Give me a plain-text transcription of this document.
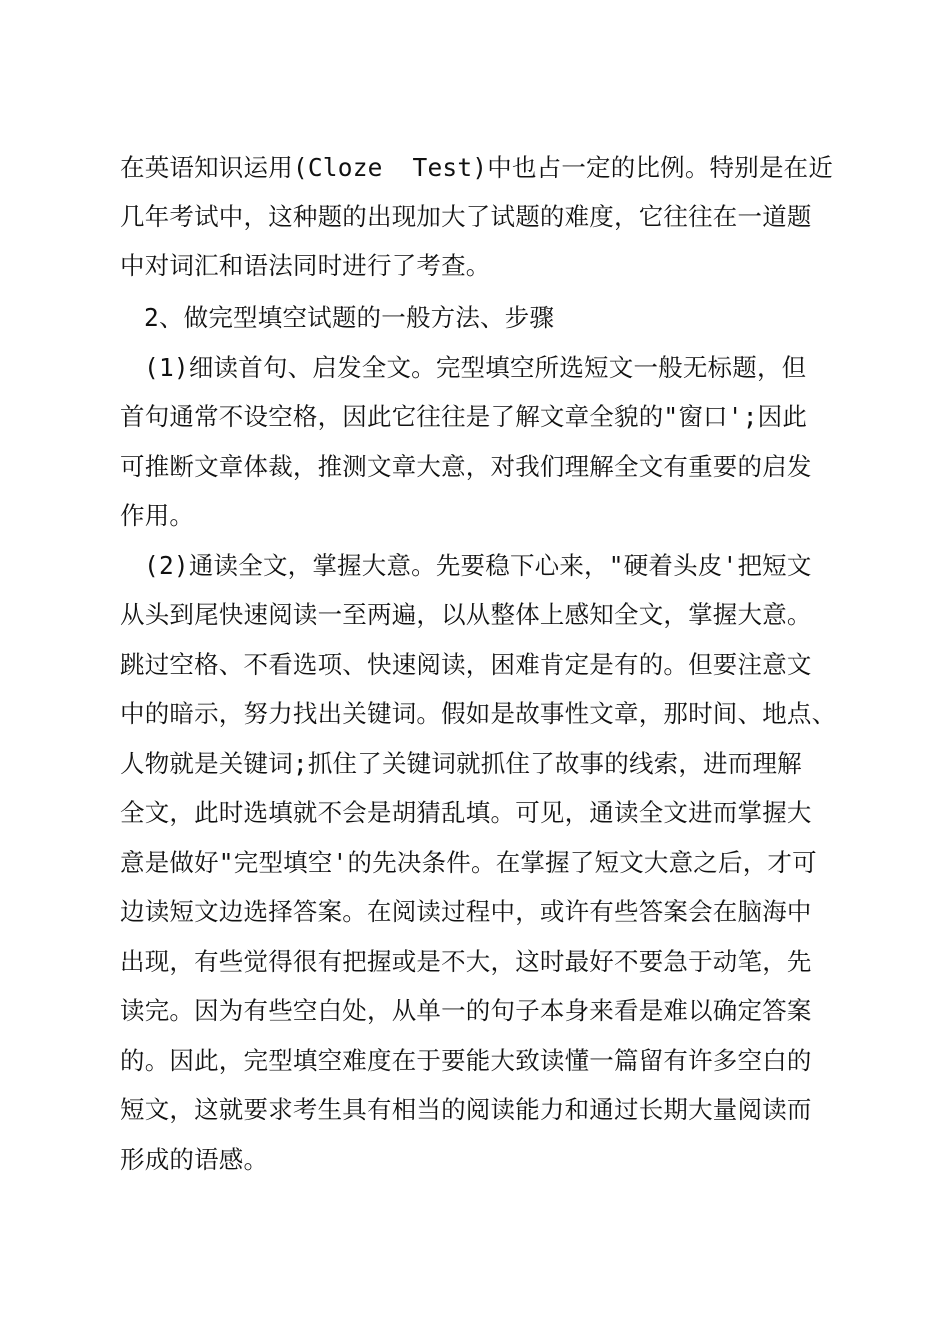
在英语知识运用(Cloze  Test)中也占一定的比例。特别是在近
几年考试中，这种题的出现加大了试题的难度，它往往在一道题
中对词汇和语法同时进行了考查。
2、做完型填空试题的一般方法、步骤
(1)细读首句、启发全文。完型填空所选短文一般无标题，但
首句通常不设空格，因此它往往是了解文章全貌的"窗口';因此
可推断文章体裁，推测文章大意，对我们理解全文有重要的启发
作用。
(2)通读全文，掌握大意。先要稳下心来，"硬着头皮'把短文
从头到尾快速阅读一至两遍，以从整体上感知全文，掌握大意。
跳过空格、不看选项、快速阅读，困难肯定是有的。但要注意文
中的暗示，努力找出关键词。假如是故事性文章，那时间、地点、
人物就是关键词;抓住了关键词就抓住了故事的线索，进而理解
全文，此时选填就不会是胡猜乱填。可见，通读全文进而掌握大
意是做好"完型填空'的先决条件。在掌握了短文大意之后，才可
边读短文边选择答案。在阅读过程中，或许有些答案会在脑海中
出现，有些觉得很有把握或是不大，这时最好不要急于动笔，先
读完。因为有些空白处，从单一的句子本身来看是难以确定答案
的。因此，完型填空难度在于要能大致读懂一篇留有许多空白的
短文，这就要求考生具有相当的阅读能力和通过长期大量阅读而
形成的语感。
